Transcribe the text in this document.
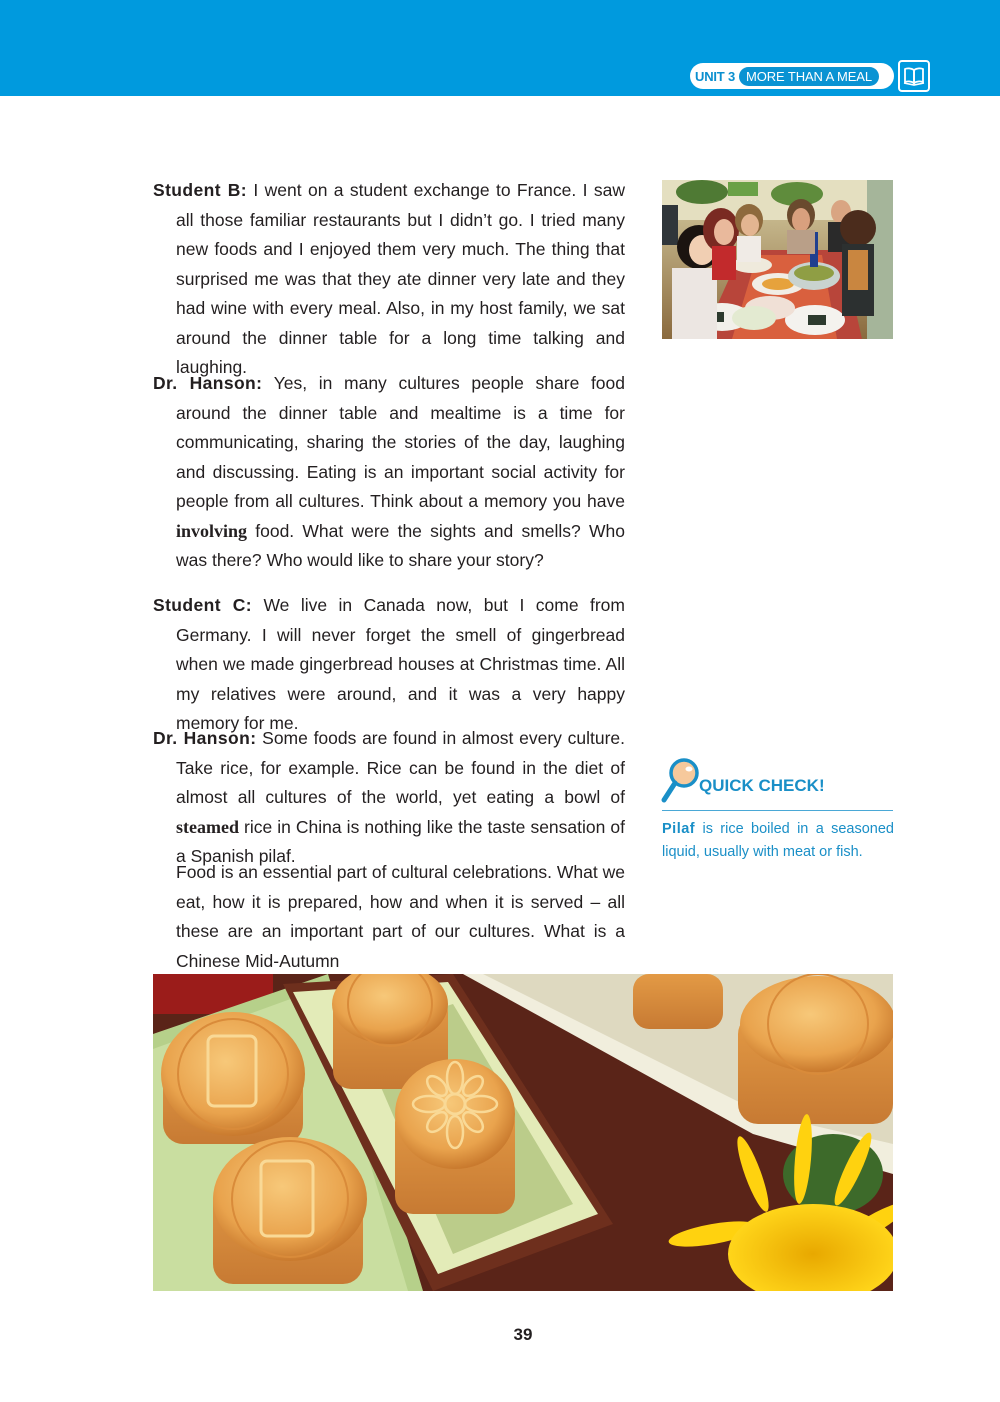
UNIT 3 MORE THAN A MEAL

Student B: I went on a student exchange to France. I saw all those familiar restaurants but I didn’t go. I tried many new foods and I enjoyed them very much. The thing that surprised me was that they ate dinner very late and they had wine with every meal. Also, in my host family, we sat around the dinner table for a long time talking and laughing.

Dr. Hanson: Yes, in many cultures people share food around the dinner table and mealtime is a time for communicating, sharing the stories of the day, laughing and discussing. Eating is an important social activity for people from all cultures. Think about a memory you have involving food. What were the sights and smells? Who was there? Who would like to share your story?

Student C: We live in Canada now, but I come from Germany. I will never forget the smell of gingerbread when we made gingerbread houses at Christmas time. All my relatives were around, and it was a very happy memory for me.

Dr. Hanson: Some foods are found in almost every culture. Take rice, for example. Rice can be found in the diet of almost all cultures of the world, yet eating a bowl of steamed rice in China is nothing like the taste sensation of a Spanish pilaf.

Food is an essential part of cultural celebrations. What we eat, how it is prepared, how and when it is served – all these are an important part of our cultures. What is a Chinese Mid-Autumn

QUICK CHECK!
Pilaf is rice boiled in a seasoned liquid, usually with meat or fish.
39
